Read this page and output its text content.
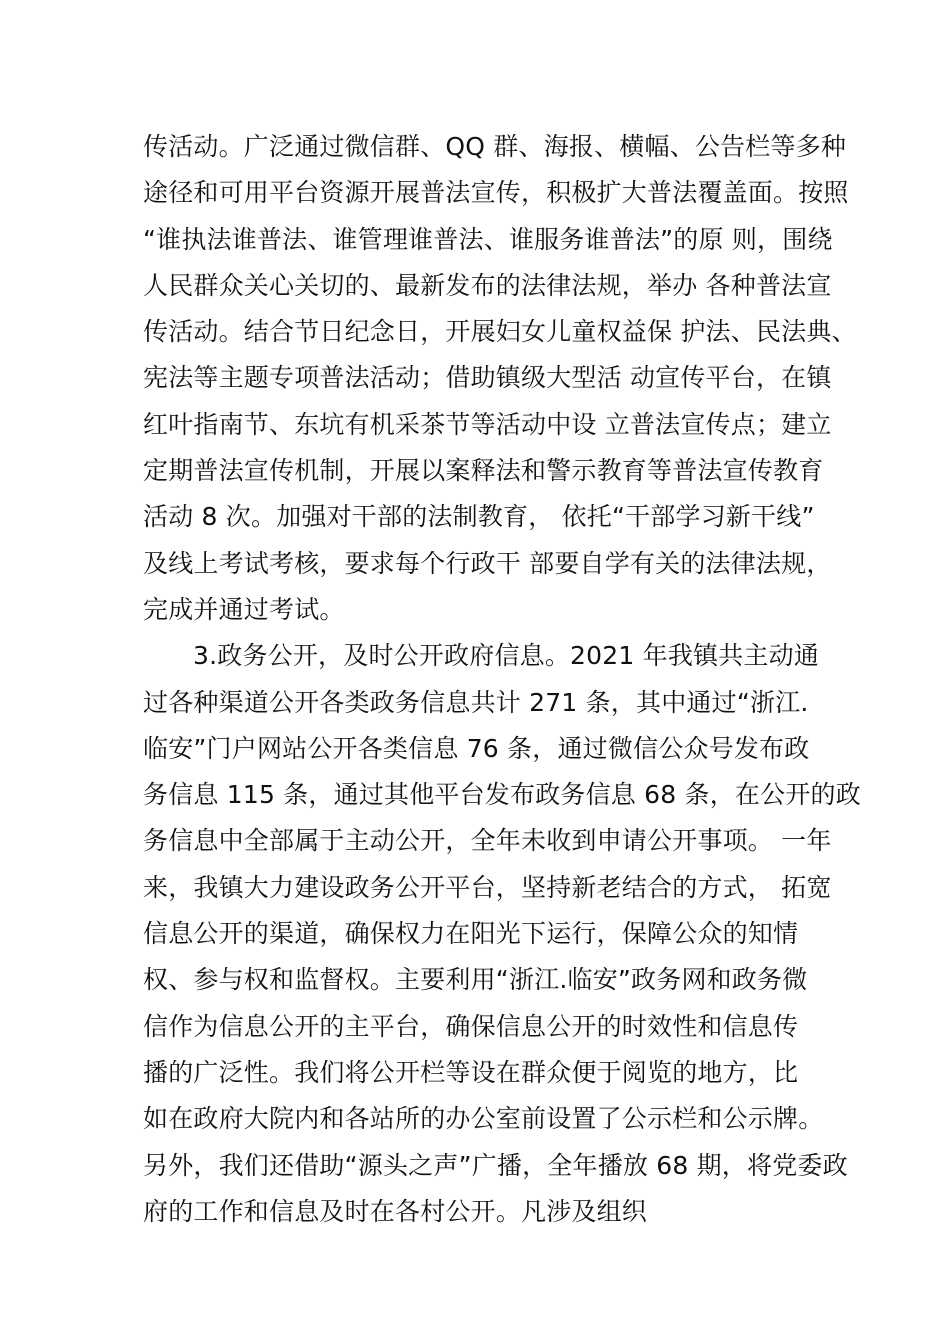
传活动。广泛通过微信群、QQ 群、海报、横幅、公告栏等多种
途径和可用平台资源开展普法宣传，积极扩大普法覆盖面。按照
“谁执法谁普法、谁管理谁普法、谁服务谁普法”的原 则，围绕
人民群众关心关切的、最新发布的法律法规，举办 各种普法宣
传活动。结合节日纪念日，开展妇女儿童权益保 护法、民法典、
宪法等主题专项普法活动；借助镇级大型活 动宣传平台，在镇
红叶指南节、东坑有机采茶节等活动中设 立普法宣传点；建立
定期普法宣传机制，开展以案释法和警示教育等普法宣传教育
活动 8 次。加强对干部的法制教育， 依托“干部学习新干线”
及线上考试考核，要求每个行政干 部要自学有关的法律法规，
完成并通过考试。
3.政务公开，及时公开政府信息。2021 年我镇共主动通
过各种渠道公开各类政务信息共计 271 条，其中通过“浙江.
临安”门户网站公开各类信息 76 条，通过微信公众号发布政
务信息 115 条，通过其他平台发布政务信息 68 条，在公开的政
务信息中全部属于主动公开，全年未收到申请公开事项。 一年
来，我镇大力建设政务公开平台，坚持新老结合的方式， 拓宽
信息公开的渠道，确保权力在阳光下运行，保障公众的知情
权、参与权和监督权。主要利用“浙江.临安”政务网和政务微
信作为信息公开的主平台，确保信息公开的时效性和信息传
播的广泛性。我们将公开栏等设在群众便于阅览的地方，比
如在政府大院内和各站所的办公室前设置了公示栏和公示牌。
另外，我们还借助“源头之声”广播，全年播放 68 期，将党委政
府的工作和信息及时在各村公开。凡涉及组织
